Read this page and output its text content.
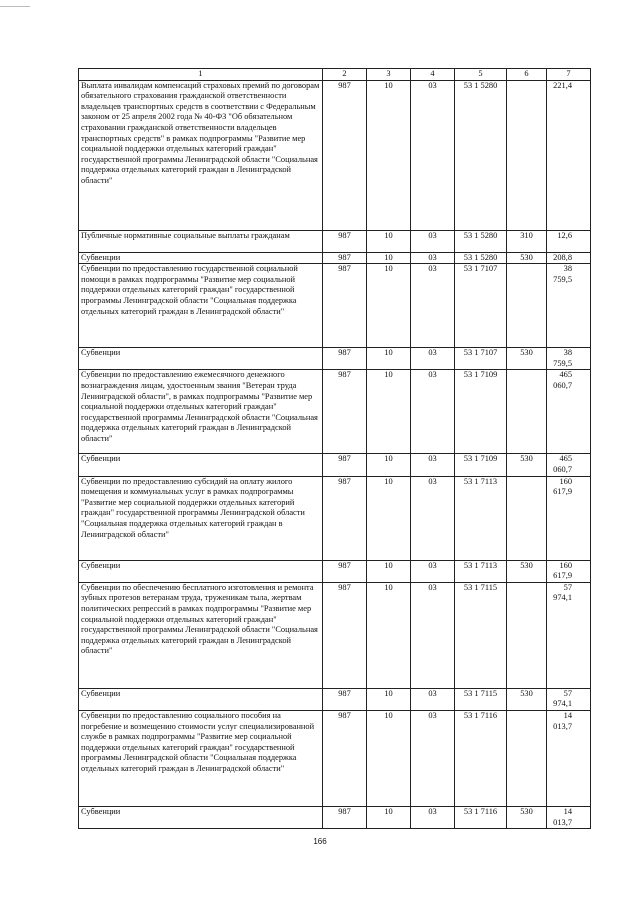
1	2	3	4	5	6	7
Выплата инвалидам компенсаций страховых премий по договорам обязательного страхования гражданской ответственности владельцев транспортных средств в соответствии с Федеральным законом от 25 апреля 2002 года № 40-ФЗ "Об обязательном страховании гражданской ответственности владельцев транспортных средств" в рамках подпрограммы "Развитие мер социальной поддержки отдельных категорий граждан" государственной программы Ленинградской области "Социальная поддержка отдельных категорий граждан в Ленинградской области"	987	10	03	53 1 5280		221,4
Публичные нормативные социальные выплаты гражданам	987	10	03	53 1 5280	310	12,6
Субвенции	987	10	03	53 1 5280	530	208,8
Субвенции по предоставлению государственной социальной помощи в рамках подпрограммы "Развитие мер социальной поддержки отдельных категорий граждан" государственной программы Ленинградской области "Социальная поддержка отдельных категорий граждан в Ленинградской области"	987	10	03	53 1 7107		38 759,5
Субвенции	987	10	03	53 1 7107	530	38 759,5
Субвенции по предоставлению ежемесячного денежного вознаграждения лицам, удостоенным звания "Ветеран труда Ленинградской области", в рамках подпрограммы "Развитие мер социальной поддержки отдельных категорий граждан" государственной программы Ленинградской области "Социальная поддержка отдельных категорий граждан в Ленинградской области"	987	10	03	53 1 7109		465 060,7
Субвенции	987	10	03	53 1 7109	530	465 060,7
Субвенции по предоставлению субсидий на оплату жилого помещения и коммунальных услуг в рамках подпрограммы "Развитие мер социальной поддержки отдельных категорий граждан" государственной программы Ленинградской области "Социальная поддержка отдельных категорий граждан в Ленинградской области"	987	10	03	53 1 7113		160 617,9
Субвенции	987	10	03	53 1 7113	530	160 617,9
Субвенции по обеспечению бесплатного изготовления и ремонта зубных протезов ветеранам труда, труженикам тыла, жертвам политических репрессий в рамках подпрограммы "Развитие мер социальной поддержки отдельных категорий граждан" государственной программы Ленинградской области "Социальная поддержка отдельных категорий граждан в Ленинградской области"	987	10	03	53 1 7115		57 974,1
Субвенции	987	10	03	53 1 7115	530	57 974,1
Субвенции по предоставлению социального пособия на погребение и возмещению стоимости услуг специализированной службе в рамках подпрограммы "Развитие мер социальной поддержки отдельных категорий граждан" государственной программы Ленинградской области "Социальная поддержка отдельных категорий граждан в Ленинградской области"	987	10	03	53 1 7116		14 013,7
Субвенции	987	10	03	53 1 7116	530	14 013,7
166
